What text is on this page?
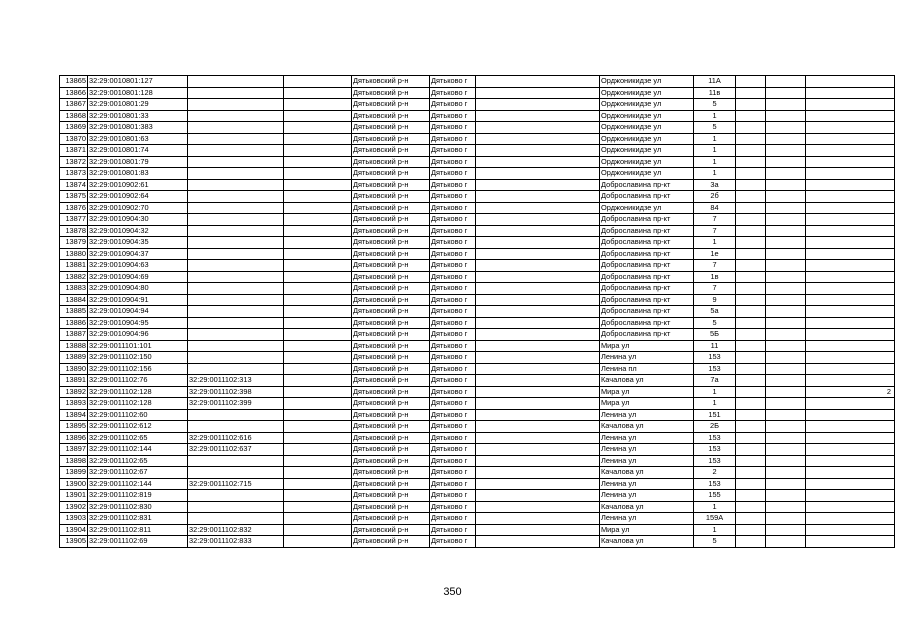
13865	32:29:0010801:127			Дятьковский р-н	Дятьково г		Орджоникидзе ул	11А			
13866	32:29:0010801:128			Дятьковский р-н	Дятьково г		Орджоникидзе ул	11в			
13867	32:29:0010801:29			Дятьковский р-н	Дятьково г		Орджоникидзе ул	5			
13868	32:29:0010801:33			Дятьковский р-н	Дятьково г		Орджоникидзе ул	1			
13869	32:29:0010801:383			Дятьковский р-н	Дятьково г		Орджоникидзе ул	5			
13870	32:29:0010801:63			Дятьковский р-н	Дятьково г		Орджоникидзе ул	1			
13871	32:29:0010801:74			Дятьковский р-н	Дятьково г		Орджоникидзе ул	1			
13872	32:29:0010801:79			Дятьковский р-н	Дятьково г		Орджоникидзе ул	1			
13873	32:29:0010801:83			Дятьковский р-н	Дятьково г		Орджоникидзе ул	1			
13874	32:29:0010902:61			Дятьковский р-н	Дятьково г		Доброславина пр-кт	3а			
13875	32:29:0010902:64			Дятьковский р-н	Дятьково г		Доброславина пр-кт	2б			
13876	32:29:0010902:70			Дятьковский р-н	Дятьково г		Орджоникидзе ул	84			
13877	32:29:0010904:30			Дятьковский р-н	Дятьково г		Доброславина пр-кт	7			
13878	32:29:0010904:32			Дятьковский р-н	Дятьково г		Доброславина пр-кт	7			
13879	32:29:0010904:35			Дятьковский р-н	Дятьково г		Доброславина пр-кт	1			
13880	32:29:0010904:37			Дятьковский р-н	Дятьково г		Доброславина пр-кт	1е			
13881	32:29:0010904:63			Дятьковский р-н	Дятьково г		Доброславина пр-кт	7			
13882	32:29:0010904:69			Дятьковский р-н	Дятьково г		Доброславина пр-кт	1в			
13883	32:29:0010904:80			Дятьковский р-н	Дятьково г		Доброславина пр-кт	7			
13884	32:29:0010904:91			Дятьковский р-н	Дятьково г		Доброславина пр-кт	9			
13885	32:29:0010904:94			Дятьковский р-н	Дятьково г		Доброславина пр-кт	5а			
13886	32:29:0010904:95			Дятьковский р-н	Дятьково г		Доброславина пр-кт	5			
13887	32:29:0010904:96			Дятьковский р-н	Дятьково г		Доброславина пр-кт	5Б			
13888	32:29:0011101:101			Дятьковский р-н	Дятьково г		Мира ул	11			
13889	32:29:0011102:150			Дятьковский р-н	Дятьково г		Ленина ул	153			
13890	32:29:0011102:156			Дятьковский р-н	Дятьково г		Ленина пл	153			
13891	32:29:0011102:76	32:29:0011102:313		Дятьковский р-н	Дятьково г		Качалова ул	7а			
13892	32:29:0011102:128	32:29:0011102:398		Дятьковский р-н	Дятьково г		Мира ул	1			2
13893	32:29:0011102:128	32:29:0011102:399		Дятьковский р-н	Дятьково г		Мира ул	1			
13894	32:29:0011102:60			Дятьковский р-н	Дятьково г		Ленина ул	151			
13895	32:29:0011102:612			Дятьковский р-н	Дятьково г		Качалова ул	2Б			
13896	32:29:0011102:65	32:29:0011102:616		Дятьковский р-н	Дятьково г		Ленина ул	153			
13897	32:29:0011102:144	32:29:0011102:637		Дятьковский р-н	Дятьково г		Ленина ул	153			
13898	32:29:0011102:65			Дятьковский р-н	Дятьково г		Ленина ул	153			
13899	32:29:0011102:67			Дятьковский р-н	Дятьково г		Качалова ул	2			
13900	32:29:0011102:144	32:29:0011102:715		Дятьковский р-н	Дятьково г		Ленина ул	153			
13901	32:29:0011102:819			Дятьковский р-н	Дятьково г		Ленина ул	155			
13902	32:29:0011102:830			Дятьковский р-н	Дятьково г		Качалова ул	1			
13903	32:29:0011102:831			Дятьковский р-н	Дятьково г		Ленина ул	159А			
13904	32:29:0011102:811	32:29:0011102:832		Дятьковский р-н	Дятьково г		Мира ул	1			
13905	32:29:0011102:69	32:29:0011102:833		Дятьковский р-н	Дятьково г		Качалова ул	5			
350
